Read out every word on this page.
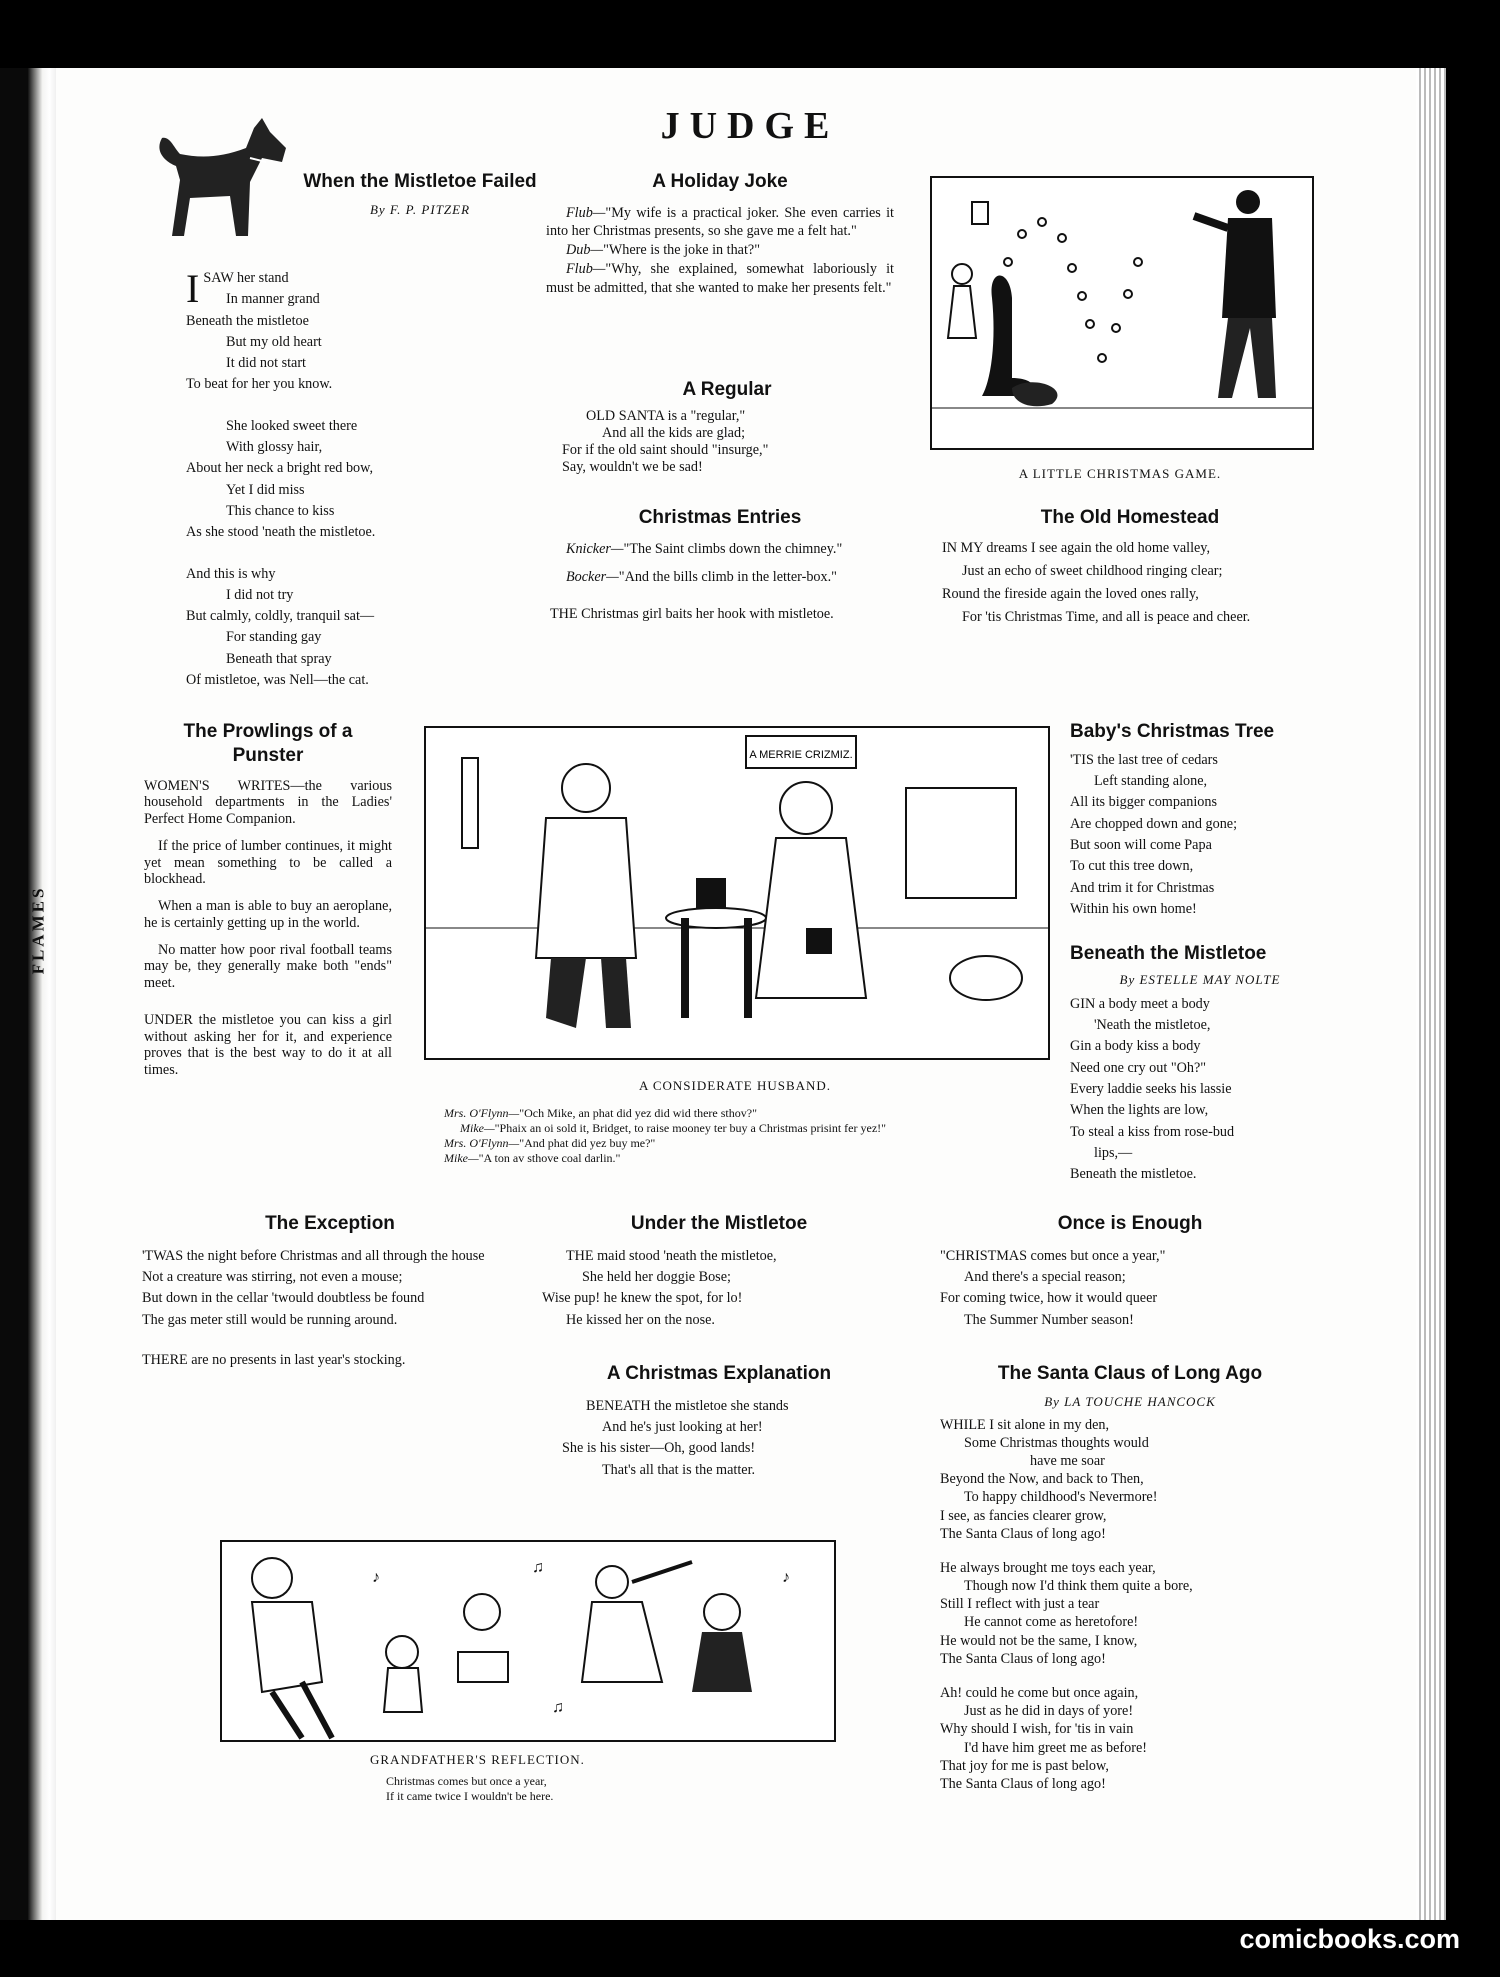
FLAMES
JUDGE
When the Mistletoe Failed
By F. P. PITZER
I SAW her stand
In manner grand
Beneath the mistletoe
But my old heart
It did not start
To beat for her you know.
She looked sweet there
With glossy hair,
About her neck a bright red bow,
Yet I did miss
This chance to kiss
As she stood 'neath the mistletoe.
And this is why
I did not try
But calmly, coldly, tranquil sat—
For standing gay
Beneath that spray
Of mistletoe, was Nell—the cat.
A Holiday Joke
Flub—"My wife is a practical joker. She even carries it into her Christmas presents, so she gave me a felt hat."
Dub—"Where is the joke in that?"
Flub—"Why, she explained, somewhat laboriously it must be admitted, that she wanted to make her presents felt."
A Regular
OLD SANTA is a "regular,"
And all the kids are glad;
For if the old saint should "insurge,"
Say, wouldn't we be sad!
Christmas Entries

Knicker—"The Saint climbs down the chimney."

Bocker—"And the bills climb in the letter-box."

THE Christmas girl baits her hook with mistletoe.
A LITTLE CHRISTMAS GAME.
The Old Homestead
IN MY dreams I see again the old home valley,
Just an echo of sweet childhood ringing clear;
Round the fireside again the loved ones rally,
For 'tis Christmas Time, and all is peace and cheer.
The Prowlings of a Punster

WOMEN'S WRITES—the various household departments in the Ladies' Perfect Home Companion.

If the price of lumber continues, it might yet mean something to be called a blockhead.

When a man is able to buy an aeroplane, he is certainly getting up in the world.

No matter how poor rival football teams may be, they generally make both "ends" meet.

UNDER the mistletoe you can kiss a girl without asking her for it, and experience proves that is the best way to do it at all times.

A MERRIE CRIZMIZ.
A CONSIDERATE HUSBAND.
Mrs. O'Flynn—"Och Mike, an phat did yez did wid there sthov?"
Mike—"Phaix an oi sold it, Bridget, to raise mooney ter buy a Christmas prisint fer yez!"
Mrs. O'Flynn—"And phat did yez buy me?"
Mike—"A ton av sthove coal darlin."
Baby's Christmas Tree
'TIS the last tree of cedars
Left standing alone,
All its bigger companions
Are chopped down and gone;
But soon will come Papa
To cut this tree down,
And trim it for Christmas
Within his own home!
Beneath the Mistletoe
By ESTELLE MAY NOLTE
GIN a body meet a body
'Neath the mistletoe,
Gin a body kiss a body
Need one cry out "Oh?"
Every laddie seeks his lassie
When the lights are low,
To steal a kiss from rose-bud
lips,—
Beneath the mistletoe.
The Exception
'TWAS the night before Christmas and all through the house
Not a creature was stirring, not even a mouse;
But down in the cellar 'twould doubtless be found
The gas meter still would be running around.
THERE are no presents in last year's stocking.
Under the Mistletoe
THE maid stood 'neath the mistletoe,
She held her doggie Bose;
Wise pup! he knew the spot, for lo!
He kissed her on the nose.
A Christmas Explanation
BENEATH the mistletoe she stands
And he's just looking at her!
She is his sister—Oh, good lands!
That's all that is the matter.
Once is Enough
"CHRISTMAS comes but once a year,"
And there's a special reason;
For coming twice, how it would queer
The Summer Number season!
The Santa Claus of Long Ago
By LA TOUCHE HANCOCK
WHILE I sit alone in my den,
Some Christmas thoughts would
have me soar
Beyond the Now, and back to Then,
To happy childhood's Nevermore!
I see, as fancies clearer grow,
The Santa Claus of long ago!
He always brought me toys each year,
Though now I'd think them quite a bore,
Still I reflect with just a tear
He cannot come as heretofore!
He would not be the same, I know,
The Santa Claus of long ago!
Ah! could he come but once again,
Just as he did in days of yore!
Why should I wish, for 'tis in vain
I'd have him greet me as before!
That joy for me is past below,
The Santa Claus of long ago!
♪
♫
♪
♫
GRANDFATHER'S REFLECTION.
Christmas comes but once a year,
If it came twice I wouldn't be here.
comicbooks.com
